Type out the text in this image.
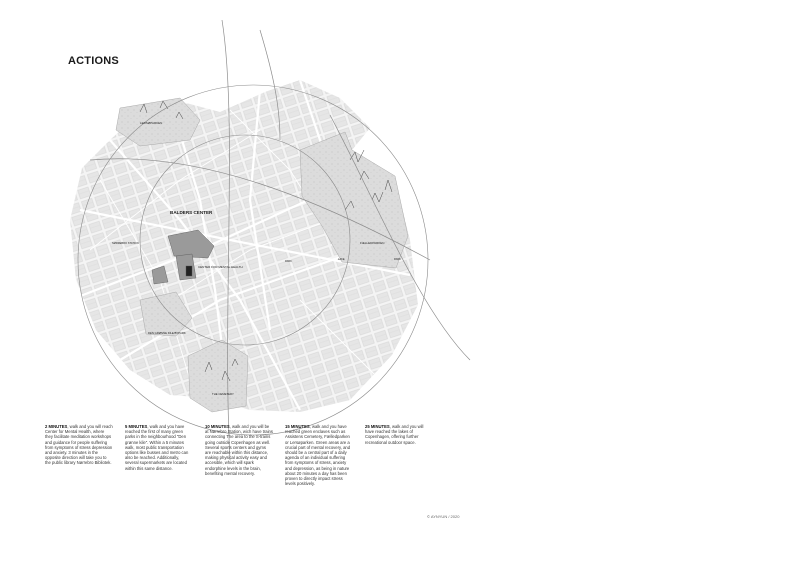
ACTIONS
BALDERS CENTER
CENTER FOR MENTAL HEALTH
LERSØPARKEN
FÆLLEDPARKEN
DEN GRØNNE KILE/BYPARK
THE CEMETERY
NØRREBRO STATION
PARK
LAKE	PARK
2 MINUTES, walk and you will reach Center for Mental Health, where they facilitate meditation workshops and guidance for people suffering from symptoms of stress depression and anxiety. 3 minutes in the opposite direction will take you to the public library Nørrebro Bibliotek.
5 MINUTES, walk and you have reached the first of many green parks in the neighbourhood "Den grønne kile". Within a 5 minutes walk, most public transportation options like busses and metro can also be reached. Additionally, several supermarkets are located within this same distance.
10 MINUTES, walk and you will be at Nørrebro Station, wich have trains connecting The area to the S-trains going outside Copenhagen as well. Several sports centers and gyms are reachable within this distance, making physical activity easy and accesible, which will spark endorphine levels in the brain, benefiting mental recovery.
15 MINUTES, walk and you have reached green enclaves such as Assistens Cemetery, Fælledparken or Lersøparken. Green areas are a crucial part of mental recovery, and should be a central part of a daily agenda of an individual suffering from symptoms of stress, anxiety and depression, as being in nature about 20 minutes a day has been proven to directly impact stress levels positively.
25 MINUTES, walk and you will have reached the lakes of Copenhagen, offering further recreational outdoor space.
© AYNYUN / 2020
